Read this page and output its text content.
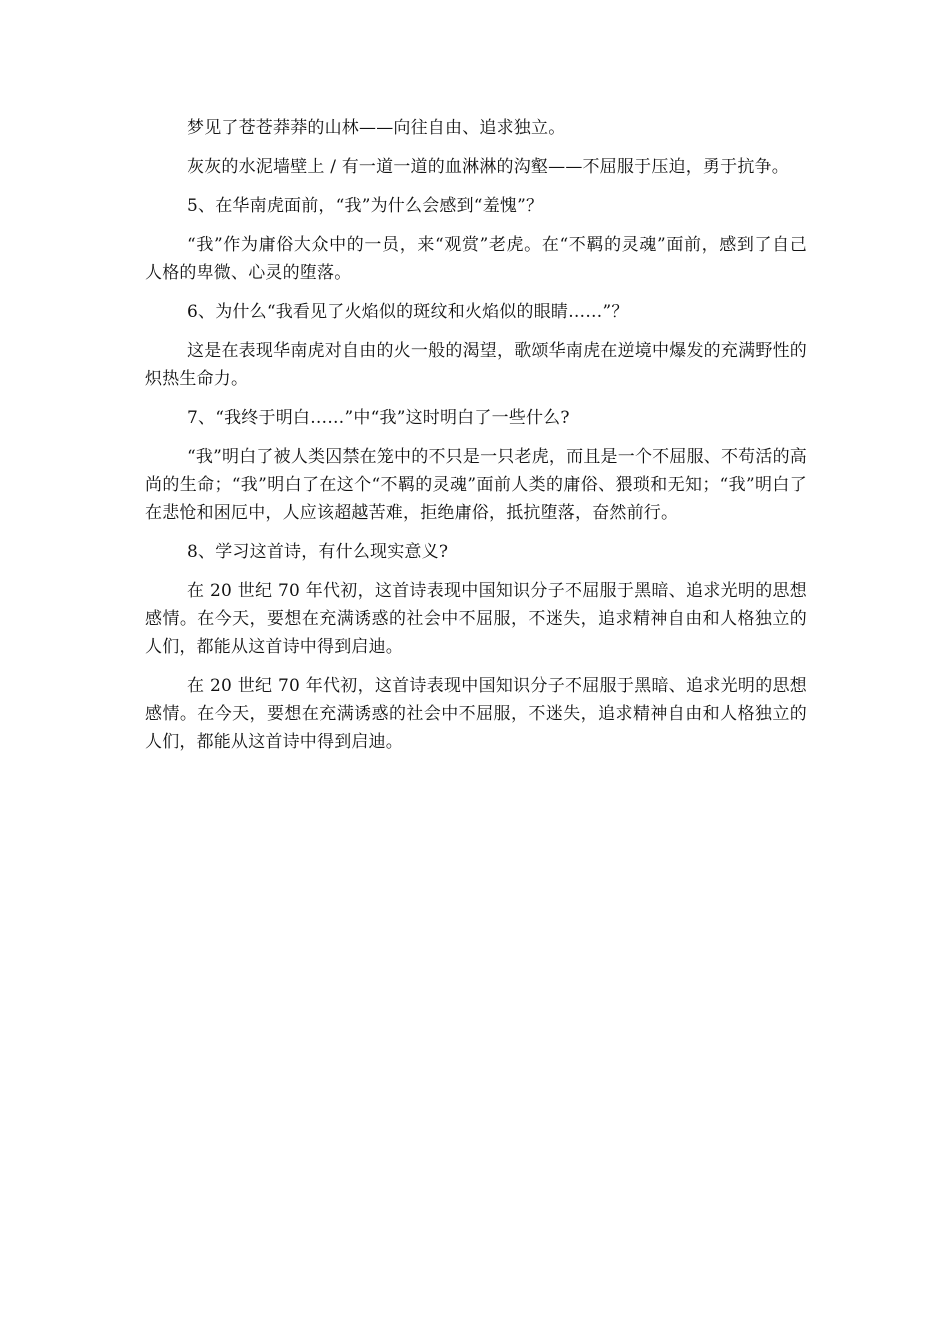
梦见了苍苍莽莽的山林——向往自由、追求独立。

灰灰的水泥墙壁上 / 有一道一道的血淋淋的沟壑——不屈服于压迫，勇于抗争。

5、在华南虎面前，“我”为什么会感到“羞愧”？

“我”作为庸俗大众中的一员，来“观赏”老虎。在“不羁的灵魂”面前，感到了自己人格的卑微、心灵的堕落。

6、为什么“我看见了火焰似的斑纹和火焰似的眼睛……”？

这是在表现华南虎对自由的火一般的渴望，歌颂华南虎在逆境中爆发的充满野性的炽热生命力。

7、“我终于明白……”中“我”这时明白了一些什么?

“我”明白了被人类囚禁在笼中的不只是一只老虎，而且是一个不屈服、不苟活的高尚的生命；“我”明白了在这个“不羁的灵魂”面前人类的庸俗、猥琐和无知；“我”明白了在悲怆和困厄中，人应该超越苦难，拒绝庸俗，抵抗堕落，奋然前行。

8、学习这首诗，有什么现实意义?

在 20 世纪 70 年代初，这首诗表现中国知识分子不屈服于黑暗、追求光明的思想感情。在今天，要想在充满诱惑的社会中不屈服，不迷失，追求精神自由和人格独立的人们，都能从这首诗中得到启迪。

在 20 世纪 70 年代初，这首诗表现中国知识分子不屈服于黑暗、追求光明的思想感情。在今天，要想在充满诱惑的社会中不屈服，不迷失，追求精神自由和人格独立的人们，都能从这首诗中得到启迪。
